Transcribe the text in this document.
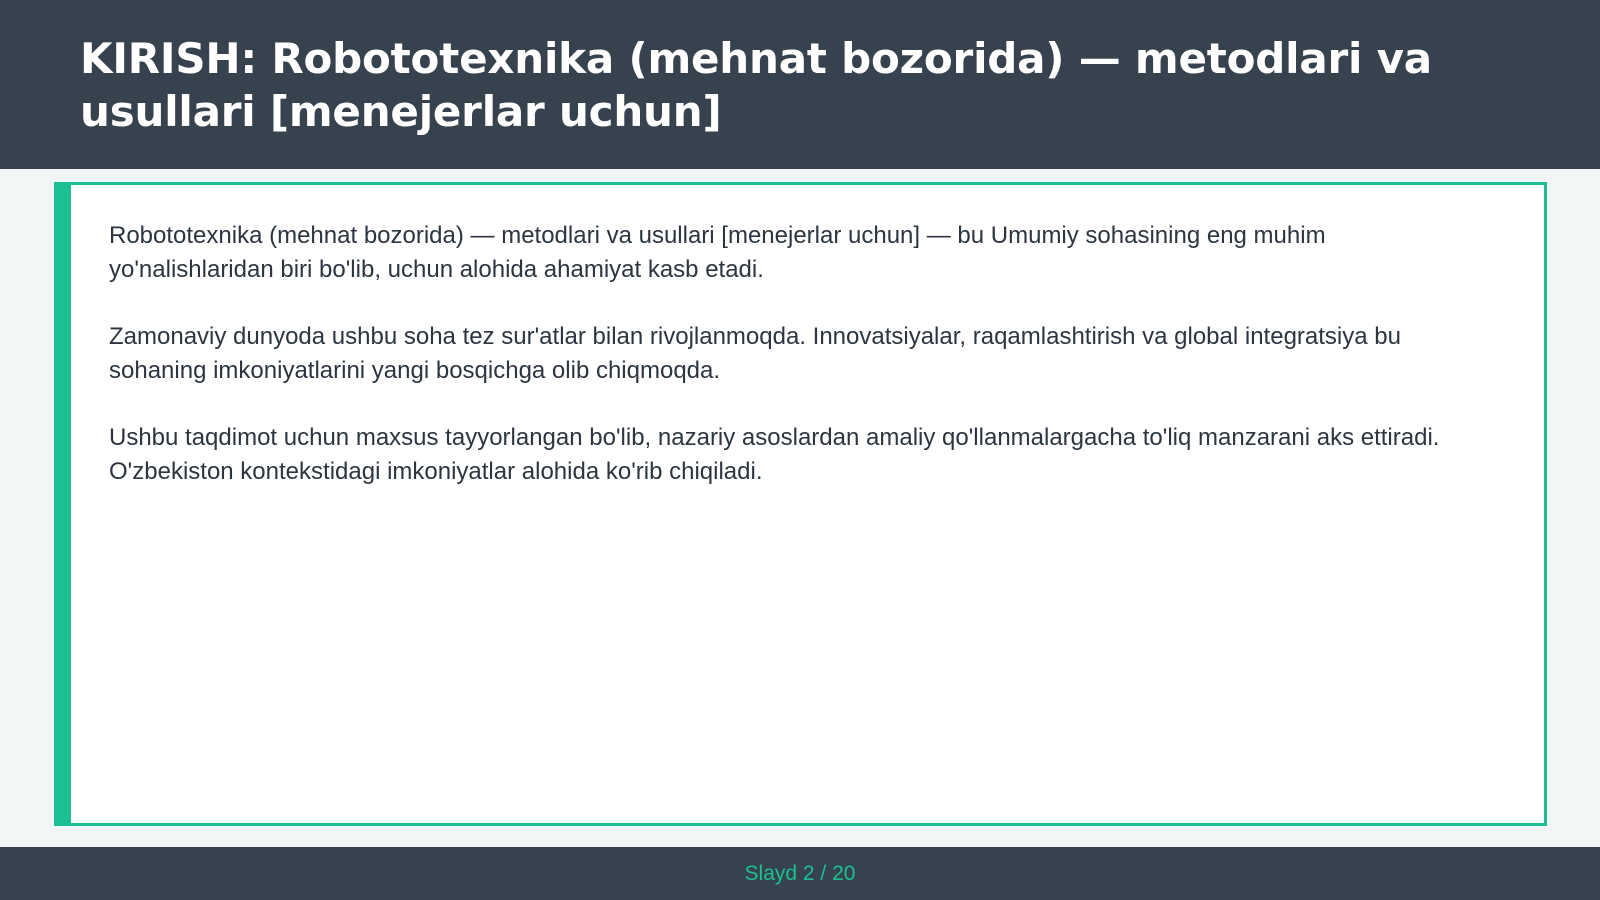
KIRISH: Robototexnika (mehnat bozorida) — metodlari va usullari [menejerlar uchun]

Robototexnika (mehnat bozorida) — metodlari va usullari [menejerlar uchun] — bu Umumiy sohasining eng muhim yo'nalishlaridan biri bo'lib, uchun alohida ahamiyat kasb etadi.

Zamonaviy dunyoda ushbu soha tez sur'atlar bilan rivojlanmoqda. Innovatsiyalar, raqamlashtirish va global integratsiya bu sohaning imkoniyatlarini yangi bosqichga olib chiqmoqda.

Ushbu taqdimot uchun maxsus tayyorlangan bo'lib, nazariy asoslardan amaliy qo'llanmalargacha to'liq manzarani aks ettiradi. O'zbekiston kontekstidagi imkoniyatlar alohida ko'rib chiqiladi.

Slayd 2 / 20
